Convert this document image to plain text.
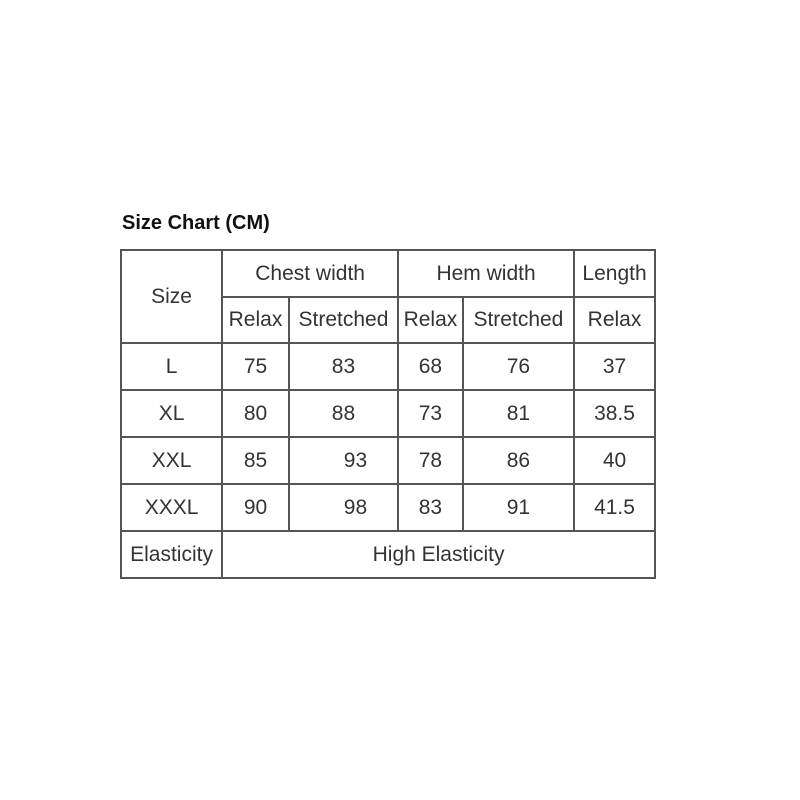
Size Chart (CM)
Size	Chest width		Hem width		Length
	Relax	Stretched	Relax	Stretched	Relax
L	75	83	68	76	37
XL	80	88	73	81	38.5
XXL	85	93	78	86	40
XXXL	90	98	83	91	41.5
Elasticity	High Elasticity				
